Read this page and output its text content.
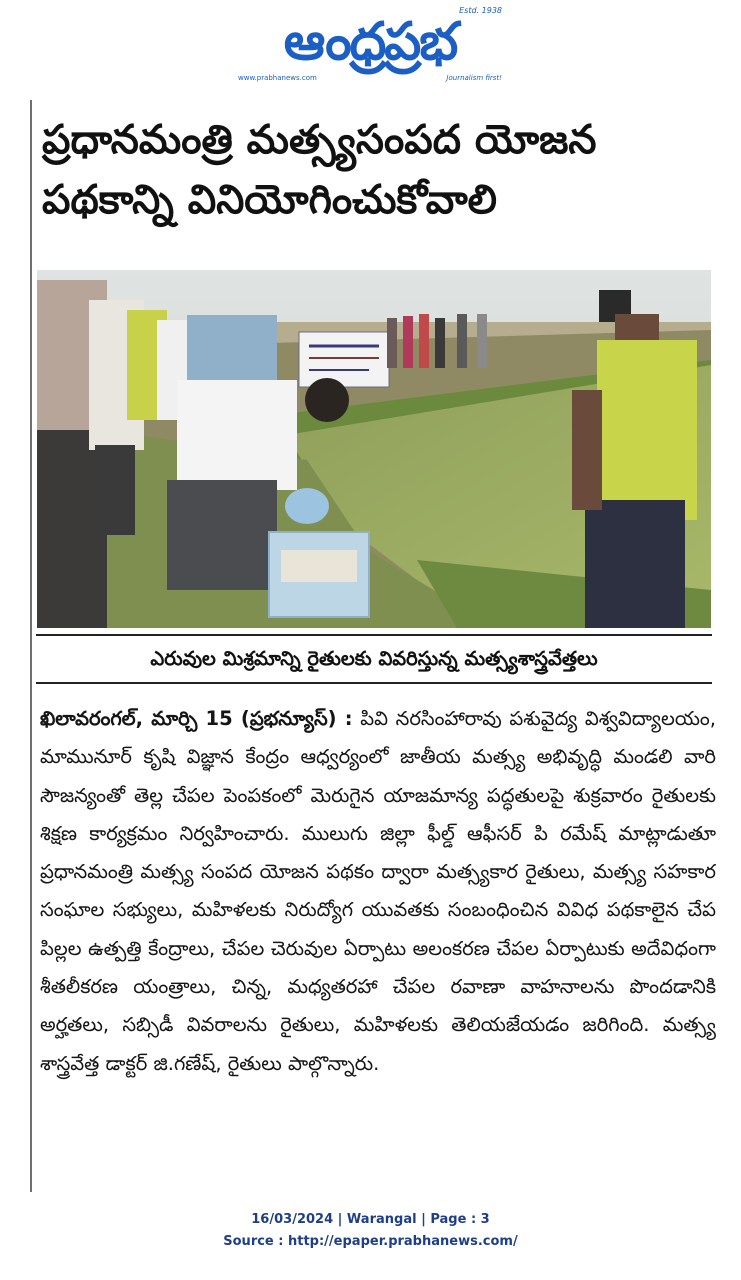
Estd. 1938
ఆంధ్రప్రభ
www.prabhanews.com	Journalism first!
ప్రధానమంత్రి మత్స్యసంపద యోజన పథకాన్ని వినియోగించుకోవాలి
ఎరువుల మిశ్రమాన్ని రైతులకు వివరిస్తున్న మత్స్యశాస్త్రవేత్తలు
ఖిలావరంగల్, మార్చి 15 (ప్రభన్యూస్) : పివి నరసింహారావు పశువైద్య విశ్వవిద్యాలయం, మామునూర్ కృషి విజ్ఞాన కేంద్రం ఆధ్వర్యంలో జాతీయ మత్స్య అభివృద్ధి మండలి వారి సౌజన్యంతో తెల్ల చేపల పెంపకంలో మెరుగైన యాజమాన్య పద్ధతులపై శుక్రవారం రైతులకు శిక్షణ కార్యక్రమం నిర్వహించారు. ములుగు జిల్లా ఫీల్డ్ ఆఫీసర్ పి రమేష్ మాట్లాడుతూ ప్రధానమంత్రి మత్స్య సంపద యోజన పథకం ద్వారా మత్స్యకార రైతులు, మత్స్య సహకార సంఘాల సభ్యులు, మహిళలకు నిరుద్యోగ యువతకు సంబంధించిన వివిధ పథకాలైన చేప పిల్లల ఉత్పత్తి కేంద్రాలు, చేపల చెరువుల ఏర్పాటు అలంకరణ చేపల ఏర్పాటుకు అదేవిధంగా శీతలీకరణ యంత్రాలు, చిన్న, మధ్యతరహా చేపల రవాణా వాహనాలను పొందడానికి అర్హతలు, సబ్సిడీ వివరాలను రైతులు, మహిళలకు తెలియజేయడం జరిగింది. మత్స్య శాస్త్రవేత్త డాక్టర్ జి.గణేష్, రైతులు పాల్గొన్నారు.
16/03/2024 | Warangal | Page : 3
Source : http://epaper.prabhanews.com/
